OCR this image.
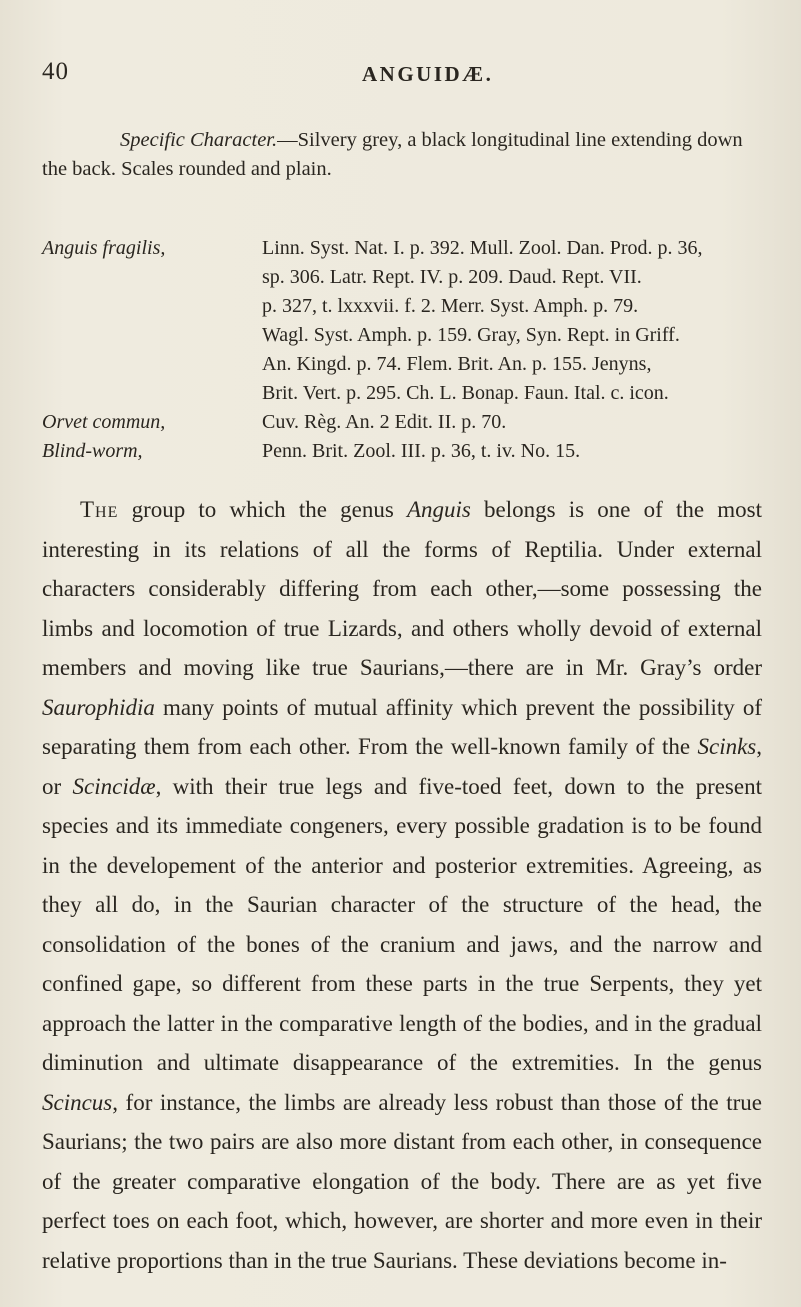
40	ANGUIDÆ.
Specific Character.—Silvery grey, a black longitudinal line extending down the back. Scales rounded and plain.
Anguis fragilis,	Linn. Syst. Nat. I. p. 392. Mull. Zool. Dan. Prod. p. 36,
sp. 306. Latr. Rept. IV. p. 209. Daud. Rept. VII.
p. 327, t. lxxxvii. f. 2. Merr. Syst. Amph. p. 79.
Wagl. Syst. Amph. p. 159. Gray, Syn. Rept. in Griff.
An. Kingd. p. 74. Flem. Brit. An. p. 155. Jenyns,
Brit. Vert. p. 295. Ch. L. Bonap. Faun. Ital. c. icon.
Orvet commun,	Cuv. Règ. An. 2 Edit. II. p. 70.
Blind-worm,	Penn. Brit. Zool. III. p. 36, t. iv. No. 15.
The group to which the genus Anguis belongs is one of the most interesting in its relations of all the forms of Reptilia. Under external characters considerably differing from each other,—some possessing the limbs and locomotion of true Lizards, and others wholly devoid of external members and moving like true Saurians,—there are in Mr. Gray’s order Saurophidia many points of mutual affinity which prevent the possibility of separating them from each other. From the well-known family of the Scinks, or Scincidæ, with their true legs and five-toed feet, down to the present species and its immediate congeners, every possible gradation is to be found in the developement of the anterior and posterior extremities. Agreeing, as they all do, in the Saurian character of the structure of the head, the consolidation of the bones of the cranium and jaws, and the narrow and confined gape, so different from these parts in the true Serpents, they yet approach the latter in the comparative length of the bodies, and in the gradual diminution and ultimate disappearance of the extremities. In the genus Scincus, for instance, the limbs are already less robust than those of the true Saurians; the two pairs are also more distant from each other, in consequence of the greater comparative elongation of the body. There are as yet five perfect toes on each foot, which, however, are shorter and more even in their relative proportions than in the true Saurians. These deviations become in-
